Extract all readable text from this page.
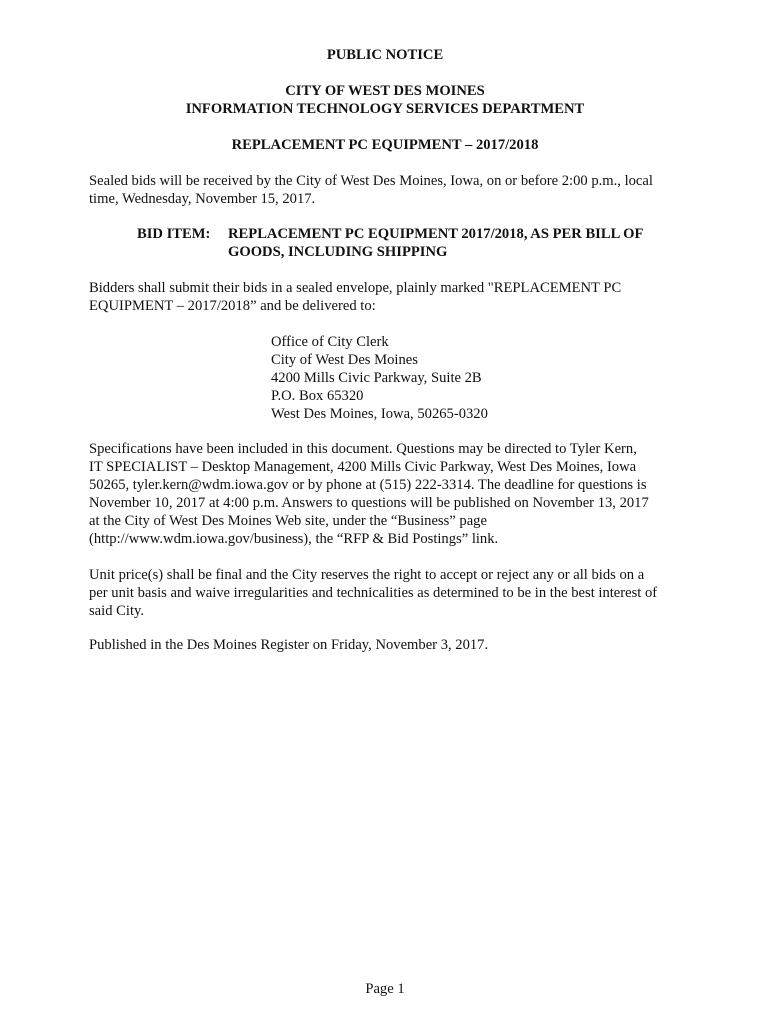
PUBLIC NOTICE
CITY OF WEST DES MOINES
INFORMATION TECHNOLOGY SERVICES DEPARTMENT
REPLACEMENT PC EQUIPMENT – 2017/2018
Sealed bids will be received by the City of West Des Moines, Iowa, on or before 2:00 p.m., local
time, Wednesday, November 15, 2017.
BID ITEM: REPLACEMENT PC EQUIPMENT 2017/2018, AS PER BILL OF
GOODS, INCLUDING SHIPPING
Bidders shall submit their bids in a sealed envelope, plainly marked "REPLACEMENT PC
EQUIPMENT – 2017/2018” and be delivered to:
Office of City Clerk
City of West Des Moines
4200 Mills Civic Parkway, Suite 2B
P.O. Box 65320
West Des Moines, Iowa, 50265-0320
Specifications have been included in this document. Questions may be directed to Tyler Kern,
IT SPECIALIST – Desktop Management, 4200 Mills Civic Parkway, West Des Moines, Iowa
50265, tyler.kern@wdm.iowa.gov or by phone at (515) 222-3314. The deadline for questions is
November 10, 2017 at 4:00 p.m. Answers to questions will be published on November 13, 2017
at the City of West Des Moines Web site, under the “Business” page
(http://www.wdm.iowa.gov/business), the “RFP & Bid Postings” link.
Unit price(s) shall be final and the City reserves the right to accept or reject any or all bids on a
per unit basis and waive irregularities and technicalities as determined to be in the best interest of
said City.
Published in the Des Moines Register on Friday, November 3, 2017.
Page 1
